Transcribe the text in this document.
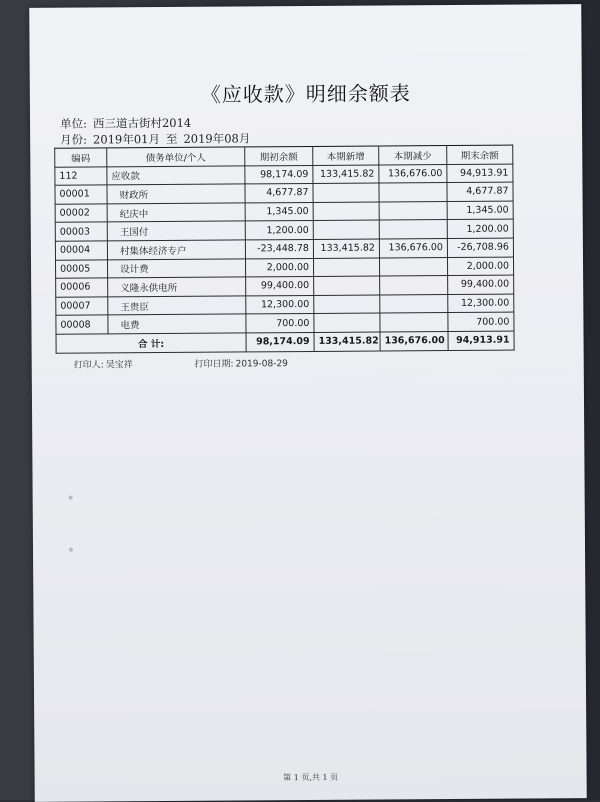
《应收款》明细余额表
单位: 西三道古街村2014
月份: 2019年01月 至 2019年08月
编码	债务单位/个人	期初余额	本期新增	本期减少	期末余额
112	应收款	98,174.09	133,415.82	136,676.00	94,913.91
00001	财政所	4,677.87			4,677.87
00002	纪庆中	1,345.00			1,345.00
00003	王国付	1,200.00			1,200.00
00004	村集体经济专户	-23,448.78	133,415.82	136,676.00	-26,708.96
00005	设计费	2,000.00			2,000.00
00006	义隆永供电所	99,400.00			99,400.00
00007	王贵臣	12,300.00			12,300.00
00008	电费	700.00			700.00
合 计:		98,174.09	133,415.82	136,676.00	94,913.91
打印人: 吴宝祥	打印日期: 2019-08-29
第 1 页,共 1 页
